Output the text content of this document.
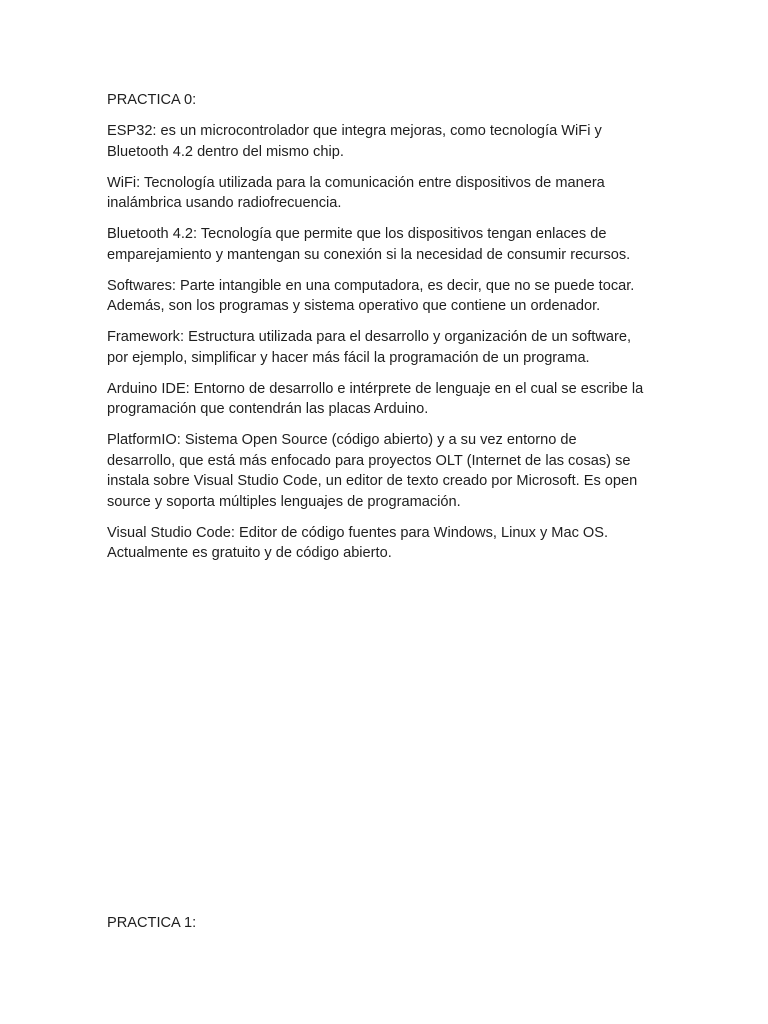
PRACTICA 0:

ESP32: es un microcontrolador que integra mejoras, como tecnología WiFi y
Bluetooth 4.2 dentro del mismo chip.

WiFi: Tecnología utilizada para la comunicación entre dispositivos de manera
inalámbrica usando radiofrecuencia.

Bluetooth 4.2: Tecnología que permite que los dispositivos tengan enlaces de
emparejamiento y mantengan su conexión si la necesidad de consumir recursos.

Softwares: Parte intangible en una computadora, es decir, que no se puede tocar.
Además, son los programas y sistema operativo que contiene un ordenador.

Framework: Estructura utilizada para el desarrollo y organización de un software,
por ejemplo, simplificar y hacer más fácil la programación de un programa.

Arduino IDE: Entorno de desarrollo e intérprete de lenguaje en el cual se escribe la
programación que contendrán las placas Arduino.

PlatformIO: Sistema Open Source (código abierto) y a su vez entorno de
desarrollo, que está más enfocado para proyectos OLT (Internet de las cosas) se
instala sobre Visual Studio Code, un editor de texto creado por Microsoft. Es open
source y soporta múltiples lenguajes de programación.

Visual Studio Code: Editor de código fuentes para Windows, Linux y Mac OS.
Actualmente es gratuito y de código abierto.

PRACTICA 1:
